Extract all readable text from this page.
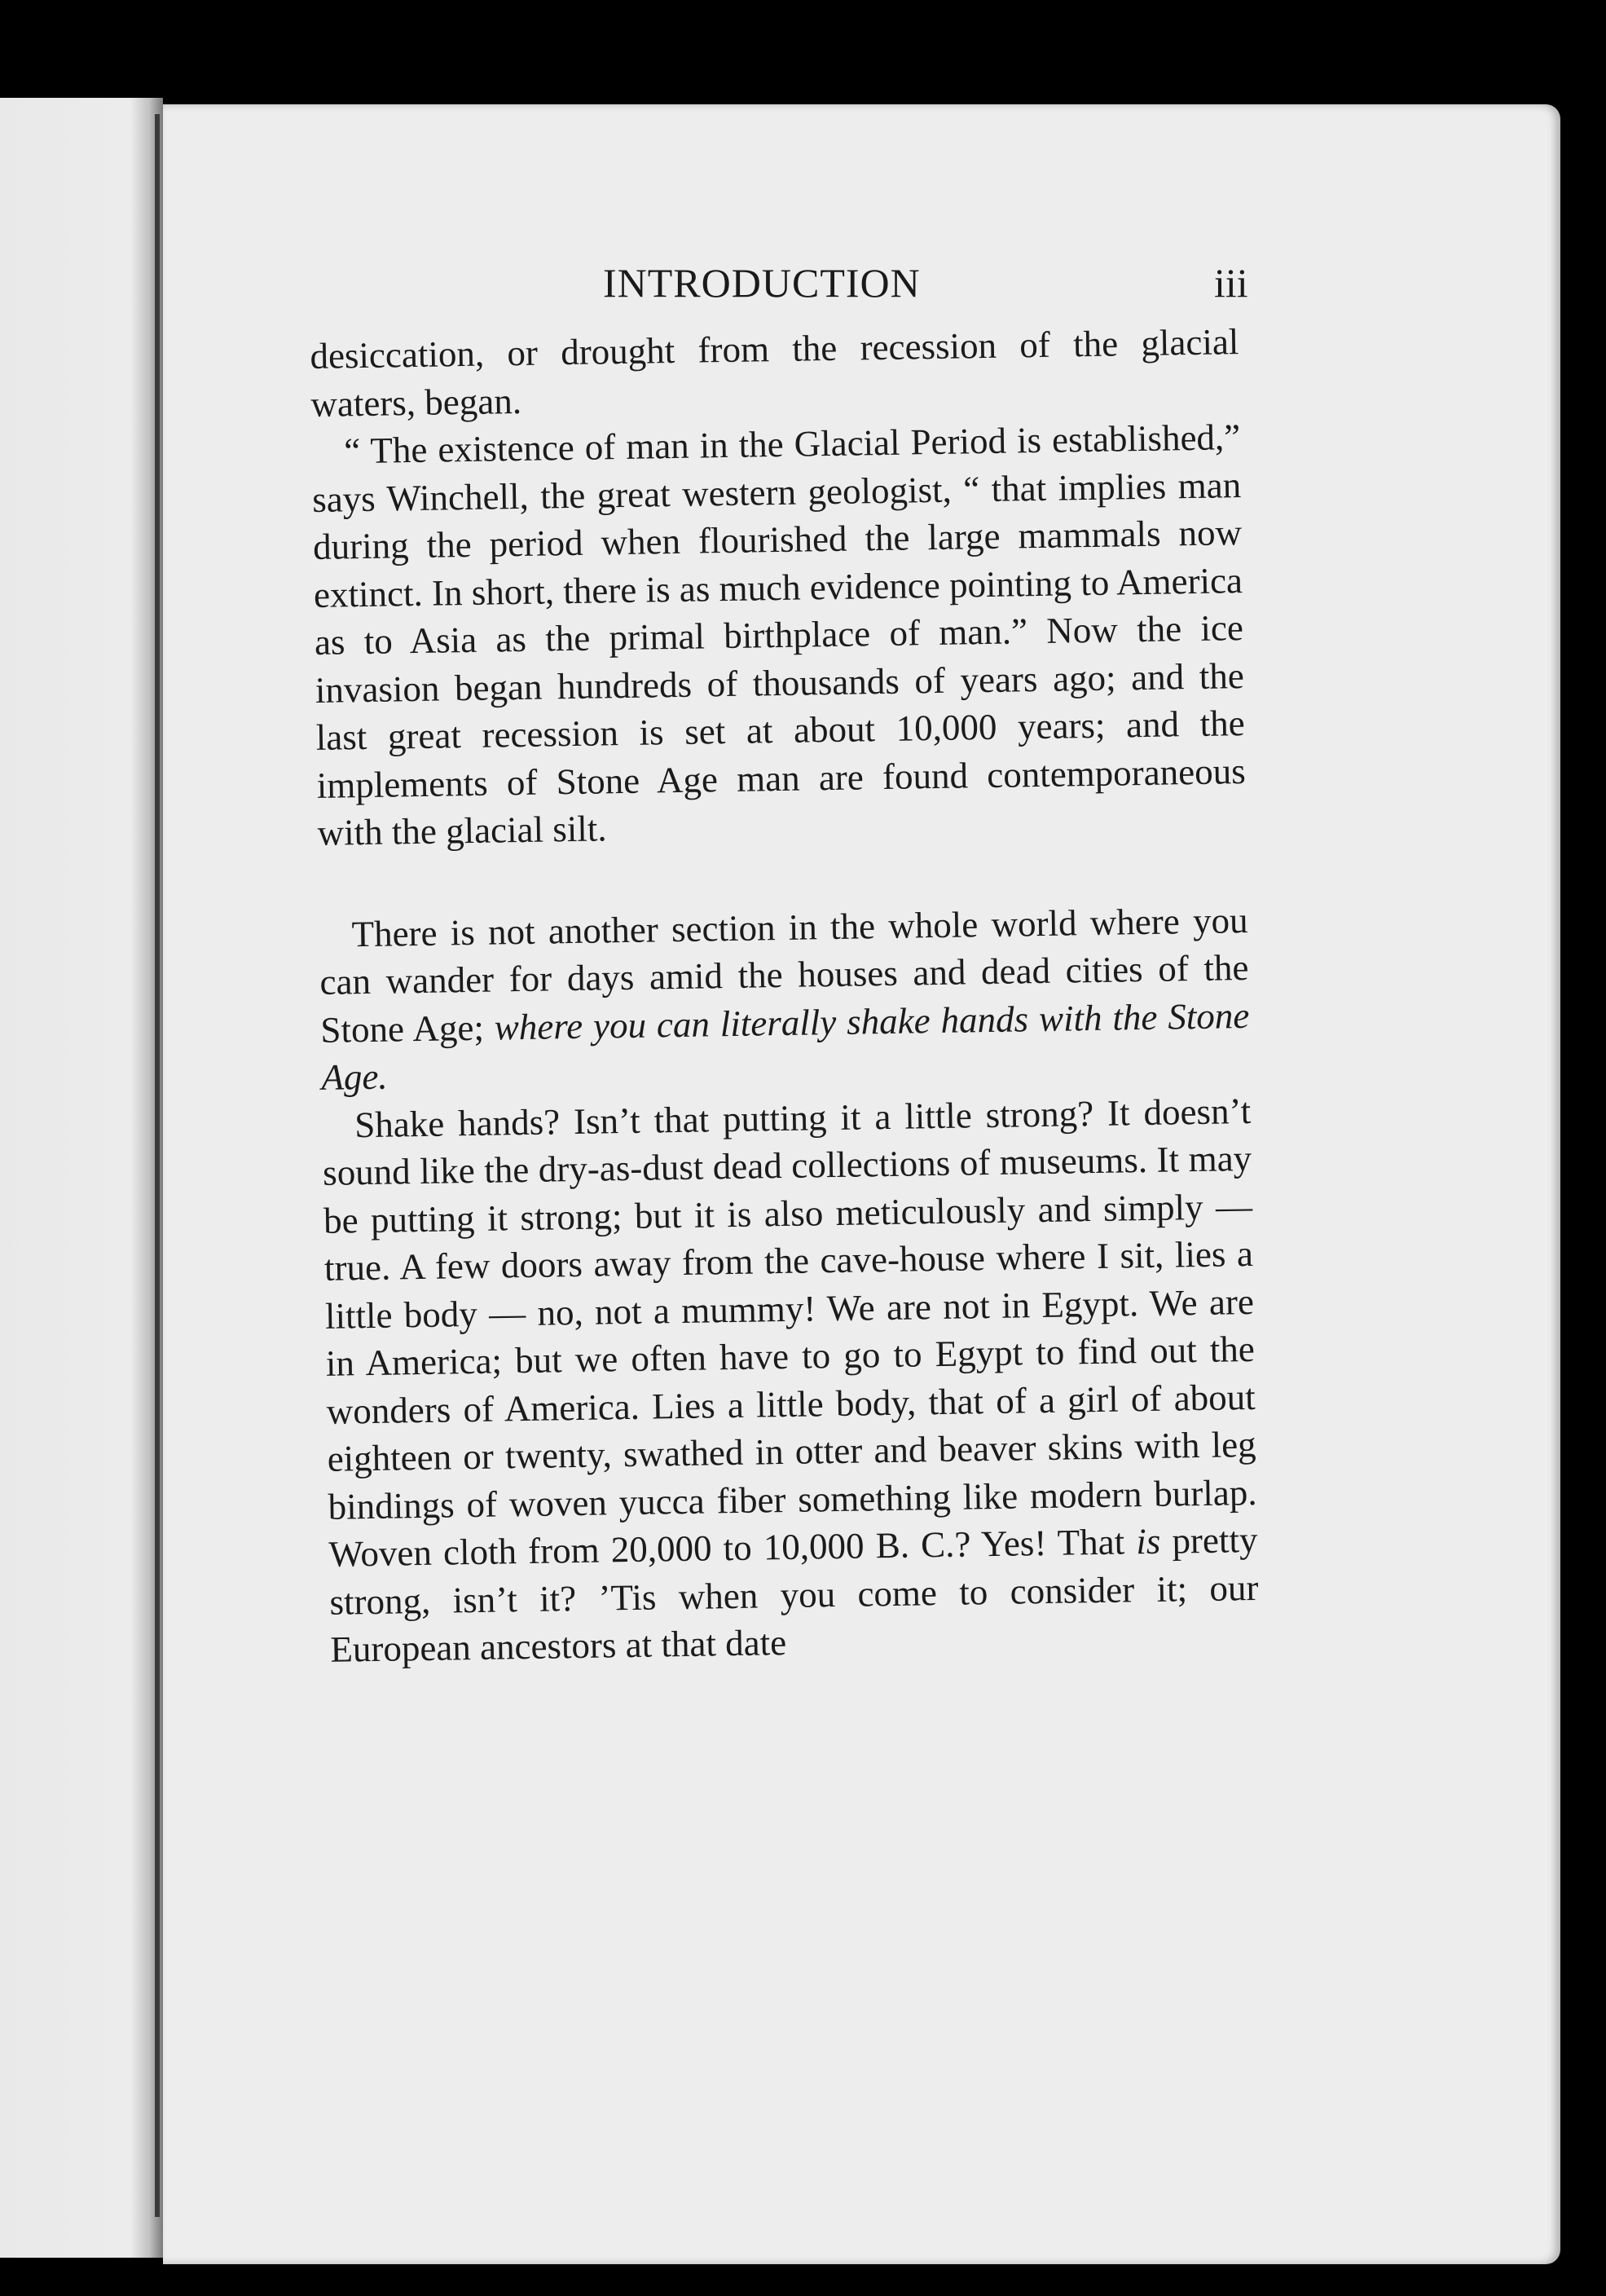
INTRODUCTION	iii

desiccation, or drought from the recession of the glacial waters, began.

“ The existence of man in the Glacial Period is established,” says Winchell, the great western geologist, “ that implies man during the period when flourished the large mammals now extinct. In short, there is as much evidence pointing to America as to Asia as the primal birthplace of man.” Now the ice invasion began hundreds of thousands of years ago; and the last great recession is set at about 10,000 years; and the implements of Stone Age man are found contemporaneous with the glacial silt.

There is not another section in the whole world where you can wander for days amid the houses and dead cities of the Stone Age; where you can literally shake hands with the Stone Age.

Shake hands? Isn’t that putting it a little strong? It doesn’t sound like the dry-as-dust dead collections of museums. It may be putting it strong; but it is also meticulously and simply — true. A few doors away from the cave-house where I sit, lies a little body — no, not a mummy! We are not in Egypt. We are in America; but we often have to go to Egypt to find out the wonders of America. Lies a little body, that of a girl of about eighteen or twenty, swathed in otter and beaver skins with leg bindings of woven yucca fiber something like modern burlap. Woven cloth from 20,000 to 10,000 B. C.? Yes! That is pretty strong, isn’t it? ’Tis when you come to consider it; our European ancestors at that date
